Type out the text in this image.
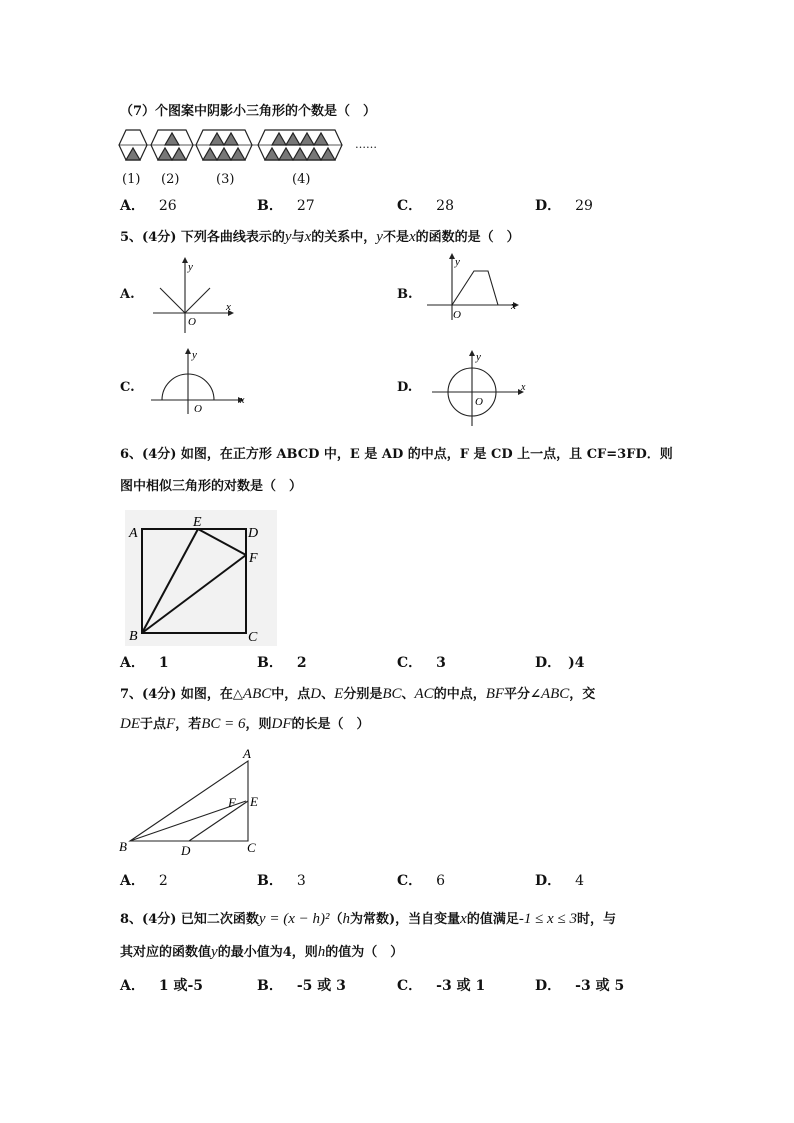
（7）个图案中阴影小三角形的个数是（　）
……
(1) (2)	(3)	(4)
A． 26	B． 27	C． 28	D． 29
5、(4分) 下列各曲线表示的y与x的关系中，y不是x的函数的是（　）
A.
x
y
O
B.
x
y
O
C.
x
y
O
D.	x
y
O
6、(4分) 如图，在正方形 ABCD 中，E 是 AD 的中点，F 是 CD 上一点，且 CF=3FD．则
图中相似三角形的对数是（　）
A
E
D
F
B	C
A． 1	B． 2	C． 3	D． )4
7、(4分) 如图，在△ABC中，点D、E分别是BC、AC的中点，BF平分∠ABC，交
DE于点F，若BC = 6，则DF的长是（　）
A
E
F
B	D	C
A． 2	B． 3	C． 6	D． 4
8、(4分) 已知二次函数y = (x − h)²（h为常数)，当自变量x的值满足-1 ≤ x ≤ 3时，与
其对应的函数值y的最小值为4，则h的值为（　）
A． 1 或-5	B． -5 或 3	C． -3 或 1	D． -3 或 5
